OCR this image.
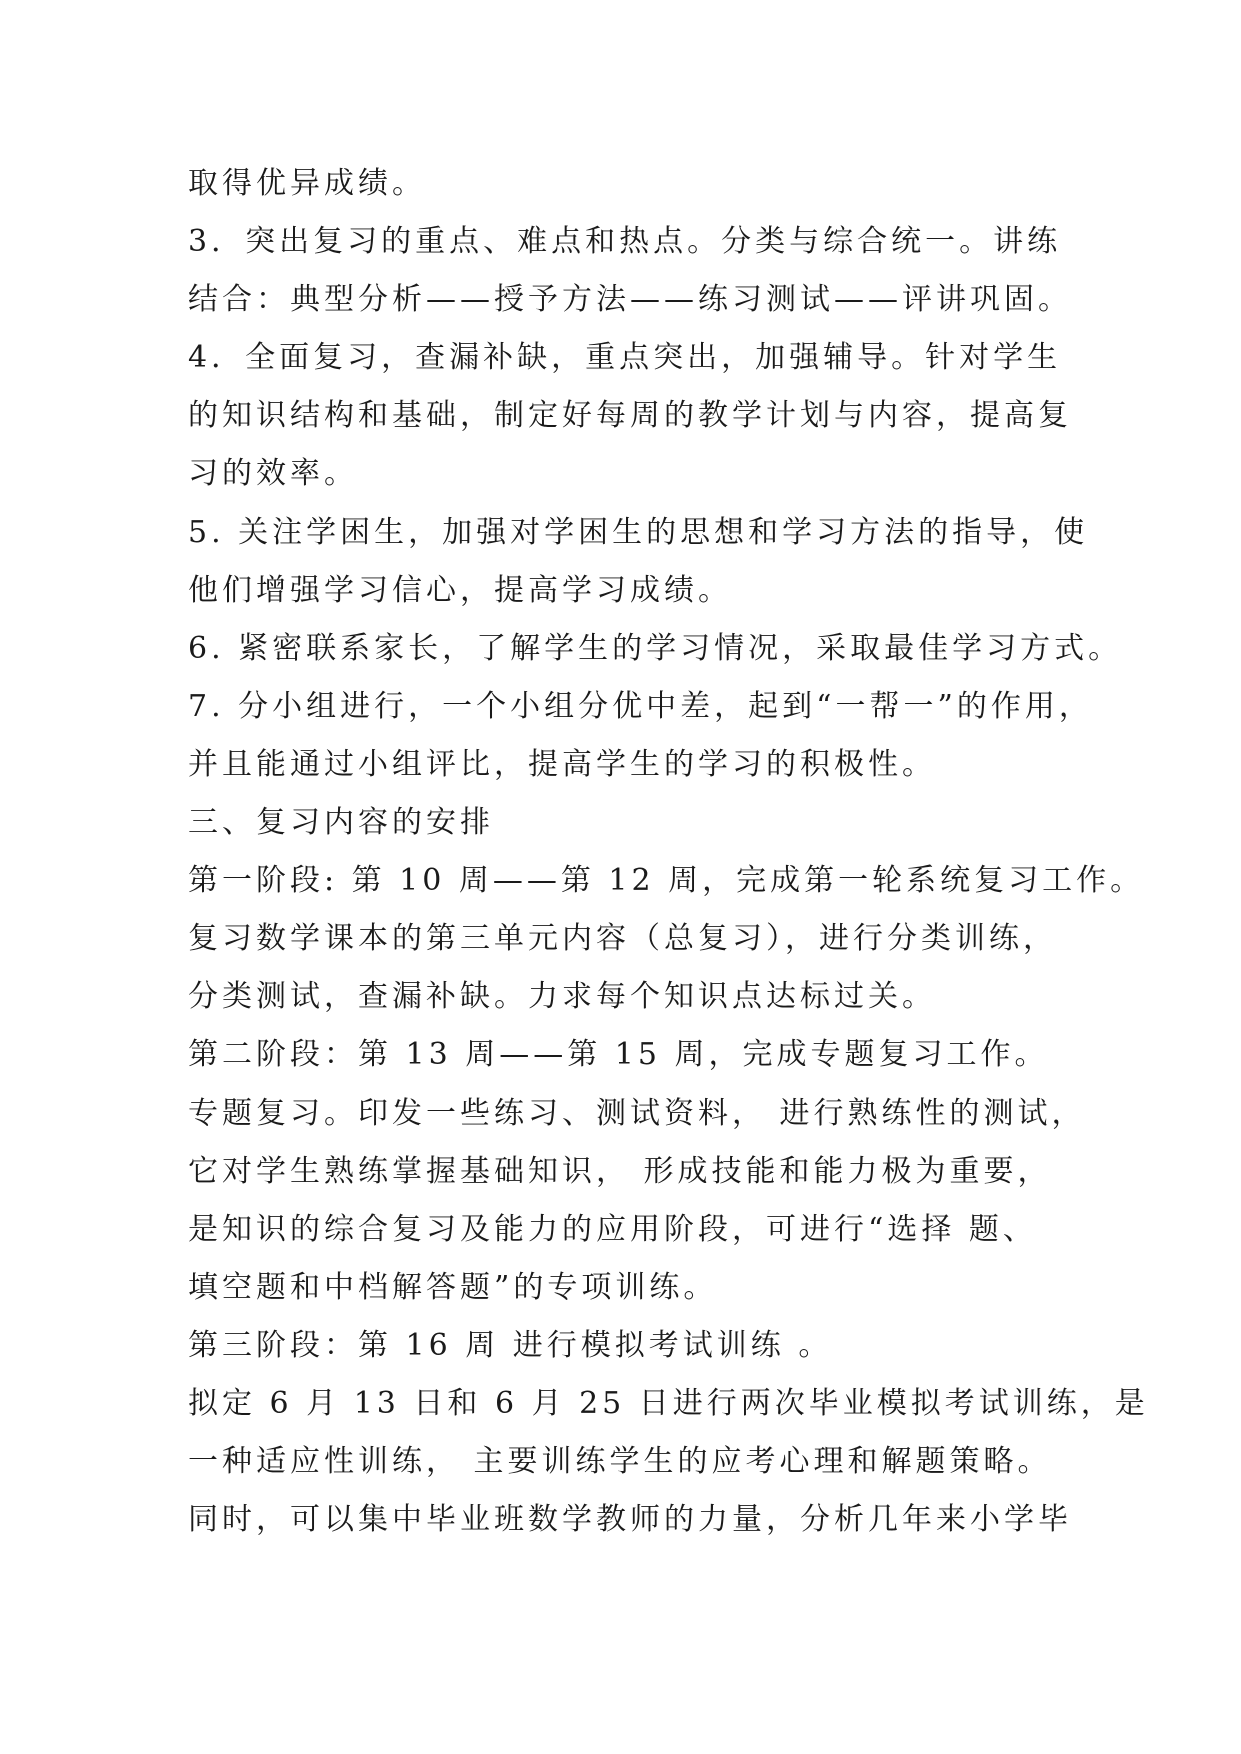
取得优异成绩。
3．突出复习的重点、难点和热点。分类与综合统一。讲练
结合：典型分析——授予方法——练习测试——评讲巩固。
4．全面复习，查漏补缺，重点突出，加强辅导。针对学生
的知识结构和基础，制定好每周的教学计划与内容，提高复
习的效率。
5. 关注学困生，加强对学困生的思想和学习方法的指导，使
他们增强学习信心，提高学习成绩。
6. 紧密联系家长，了解学生的学习情况，采取最佳学习方式。
7. 分小组进行，一个小组分优中差，起到“一帮一”的作用，
并且能通过小组评比，提高学生的学习的积极性。
三、复习内容的安排
第一阶段: 第 10 周——第 12 周，完成第一轮系统复习工作。
复习数学课本的第三单元内容（总复习），进行分类训练，
分类测试，查漏补缺。力求每个知识点达标过关。
第二阶段：第 13 周——第 15 周，完成专题复习工作。
专题复习。印发一些练习、测试资料， 进行熟练性的测试，
它对学生熟练掌握基础知识， 形成技能和能力极为重要，
是知识的综合复习及能力的应用阶段，可进行“选择 题、
填空题和中档解答题”的专项训练。
第三阶段：第 16 周 进行模拟考试训练 。
拟定 6 月 13 日和 6 月 25 日进行两次毕业模拟考试训练，是
一种适应性训练， 主要训练学生的应考心理和解题策略。
同时，可以集中毕业班数学教师的力量，分析几年来小学毕
